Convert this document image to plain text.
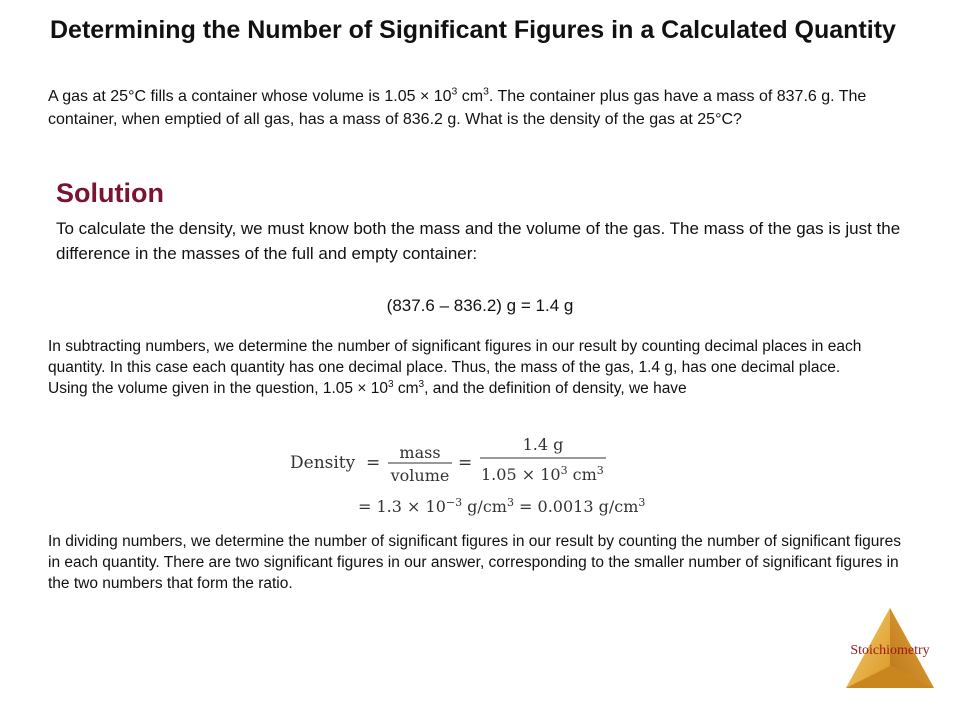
Determining the Number of Significant Figures in a Calculated Quantity
A gas at 25°C fills a container whose volume is $1.05 \times 10^3$ $cm^3$. The container plus gas have a mass of 837.6 g. The container, when emptied of all gas, has a mass of 836.2 g. What is the density of the gas at 25°C?
Solution
To calculate the density, we must know both the mass and the volume of the gas. The mass of the gas is just the difference in the masses of the full and empty container:
(837.6 – 836.2) g = 1.4 g
In subtracting numbers, we determine the number of significant figures in our result by counting decimal places in each quantity. In this case each quantity has one decimal place. Thus, the mass of the gas, 1.4 g, has one decimal place.
Using the volume given in the question, $1.05 \times 10^3$ $cm^3$, and the definition of density, we have
Density =
mass
volume
=
1.4 g
$1.05 \times 10^3$ $cm^3$
= $1.3 \times 10^{-3}$ $g/cm^3 = 0.0013$ $g/cm^3$
In dividing numbers, we determine the number of significant figures in our result by counting the number of significant figures in each quantity. There are two significant figures in our answer, corresponding to the smaller number of significant figures in the two numbers that form the ratio.
Stoichiometry
